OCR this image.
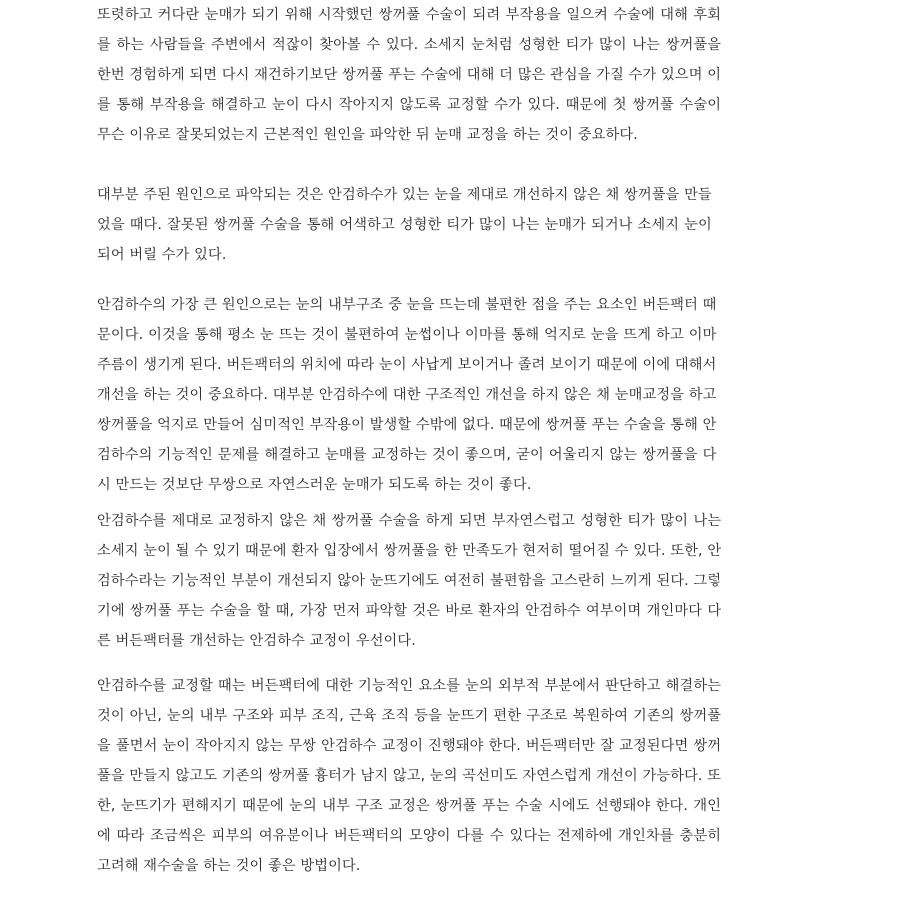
또렷하고 커다란 눈매가 되기 위해 시작했던 쌍꺼풀 수술이 되려 부작용을 일으켜 수술에 대해 후회
를 하는 사람들을 주변에서 적잖이 찾아볼 수 있다. 소세지 눈처럼 성형한 티가 많이 나는 쌍꺼풀을
한번 경험하게 되면 다시 재건하기보단 쌍꺼풀 푸는 수술에 대해 더 많은 관심을 가질 수가 있으며 이
를 통해 부작용을 해결하고 눈이 다시 작아지지 않도록 교정할 수가 있다. 때문에 첫 쌍꺼풀 수술이
무슨 이유로 잘못되었는지 근본적인 원인을 파악한 뒤 눈매 교정을 하는 것이 중요하다.
대부분 주된 원인으로 파악되는 것은 안검하수가 있는 눈을 제대로 개선하지 않은 채 쌍꺼풀을 만들
었을 때다. 잘못된 쌍꺼풀 수술을 통해 어색하고 성형한 티가 많이 나는 눈매가 되거나 소세지 눈이
되어 버릴 수가 있다.
안검하수의 가장 큰 원인으로는 눈의 내부구조 중 눈을 뜨는데 불편한 점을 주는 요소인 버든팩터 때
문이다. 이것을 통해 평소 눈 뜨는 것이 불편하여 눈썹이나 이마를 통해 억지로 눈을 뜨게 하고 이마
주름이 생기게 된다. 버든팩터의 위치에 따라 눈이 사납게 보이거나 졸려 보이기 때문에 이에 대해서
개선을 하는 것이 중요하다. 대부분 안검하수에 대한 구조적인 개선을 하지 않은 채 눈매교정을 하고
쌍꺼풀을 억지로 만들어 심미적인 부작용이 발생할 수밖에 없다. 때문에 쌍꺼풀 푸는 수술을 통해 안
검하수의 기능적인 문제를 해결하고 눈매를 교정하는 것이 좋으며, 굳이 어울리지 않는 쌍꺼풀을 다
시 만드는 것보단 무쌍으로 자연스러운 눈매가 되도록 하는 것이 좋다.
안검하수를 제대로 교정하지 않은 채 쌍꺼풀 수술을 하게 되면 부자연스럽고 성형한 티가 많이 나는
소세지 눈이 될 수 있기 때문에 환자 입장에서 쌍꺼풀을 한 만족도가 현저히 떨어질 수 있다. 또한, 안
검하수라는 기능적인 부분이 개선되지 않아 눈뜨기에도 여전히 불편함을 고스란히 느끼게 된다. 그렇
기에 쌍꺼풀 푸는 수술을 할 때, 가장 먼저 파악할 것은 바로 환자의 안검하수 여부이며 개인마다 다
른 버든팩터를 개선하는 안검하수 교정이 우선이다.
안검하수를 교정할 때는 버든팩터에 대한 기능적인 요소를 눈의 외부적 부분에서 판단하고 해결하는
것이 아닌, 눈의 내부 구조와 피부 조직, 근육 조직 등을 눈뜨기 편한 구조로 복원하여 기존의 쌍꺼풀
을 풀면서 눈이 작아지지 않는 무쌍 안검하수 교정이 진행돼야 한다. 버든팩터만 잘 교정된다면 쌍꺼
풀을 만들지 않고도 기존의 쌍꺼풀 흉터가 남지 않고, 눈의 곡선미도 자연스럽게 개선이 가능하다. 또
한, 눈뜨기가 편해지기 때문에 눈의 내부 구조 교정은 쌍꺼풀 푸는 수술 시에도 선행돼야 한다. 개인
에 따라 조금씩은 피부의 여유분이나 버든팩터의 모양이 다를 수 있다는 전제하에 개인차를 충분히
고려해 재수술을 하는 것이 좋은 방법이다.
